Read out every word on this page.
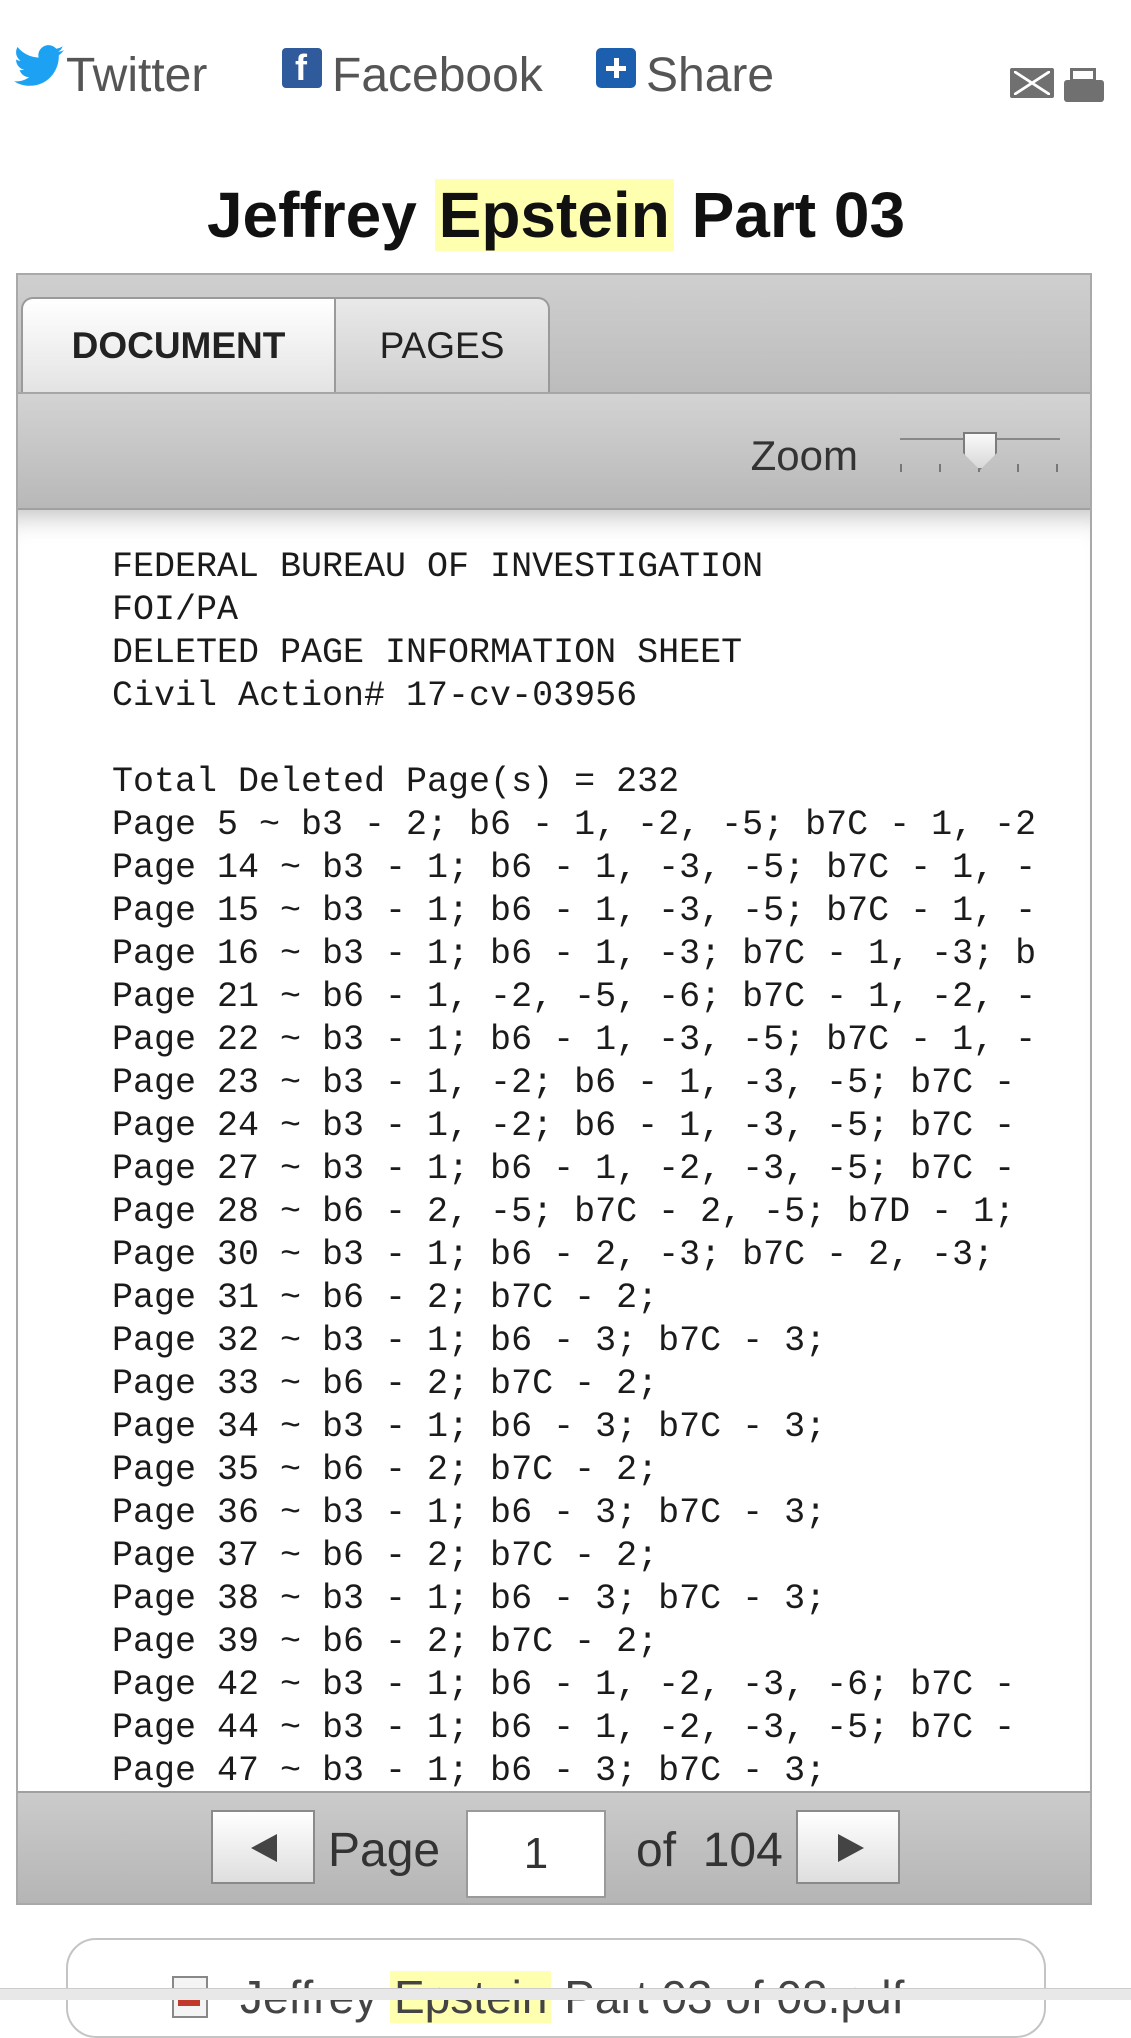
Twitter f	Facebook Share
Jeffrey Epstein Part 03
DOCUMENT	PAGES
Zoom
FEDERAL BUREAU OF INVESTIGATION
FOI/PA
DELETED PAGE INFORMATION SHEET
Civil Action# 17-cv-03956
Total Deleted Page(s) = 232
Page 5 ~ b3 - 2; b6 - 1, -2, -5; b7C - 1, -2
Page 14 ~ b3 - 1; b6 - 1, -3, -5; b7C - 1, -
Page 15 ~ b3 - 1; b6 - 1, -3, -5; b7C - 1, -
Page 16 ~ b3 - 1; b6 - 1, -3; b7C - 1, -3; b
Page 21 ~ b6 - 1, -2, -5, -6; b7C - 1, -2, -
Page 22 ~ b3 - 1; b6 - 1, -3, -5; b7C - 1, -
Page 23 ~ b3 - 1, -2; b6 - 1, -3, -5; b7C -
Page 24 ~ b3 - 1, -2; b6 - 1, -3, -5; b7C -
Page 27 ~ b3 - 1; b6 - 1, -2, -3, -5; b7C -
Page 28 ~ b6 - 2, -5; b7C - 2, -5; b7D - 1;
Page 30 ~ b3 - 1; b6 - 2, -3; b7C - 2, -3;
Page 31 ~ b6 - 2; b7C - 2;
Page 32 ~ b3 - 1; b6 - 3; b7C - 3;
Page 33 ~ b6 - 2; b7C - 2;
Page 34 ~ b3 - 1; b6 - 3; b7C - 3;
Page 35 ~ b6 - 2; b7C - 2;
Page 36 ~ b3 - 1; b6 - 3; b7C - 3;
Page 37 ~ b6 - 2; b7C - 2;
Page 38 ~ b3 - 1; b6 - 3; b7C - 3;
Page 39 ~ b6 - 2; b7C - 2;
Page 42 ~ b3 - 1; b6 - 1, -2, -3, -6; b7C -
Page 44 ~ b3 - 1; b6 - 1, -2, -3, -5; b7C -
Page 47 ~ b3 - 1; b6 - 3; b7C - 3;
Page	1	of 104
